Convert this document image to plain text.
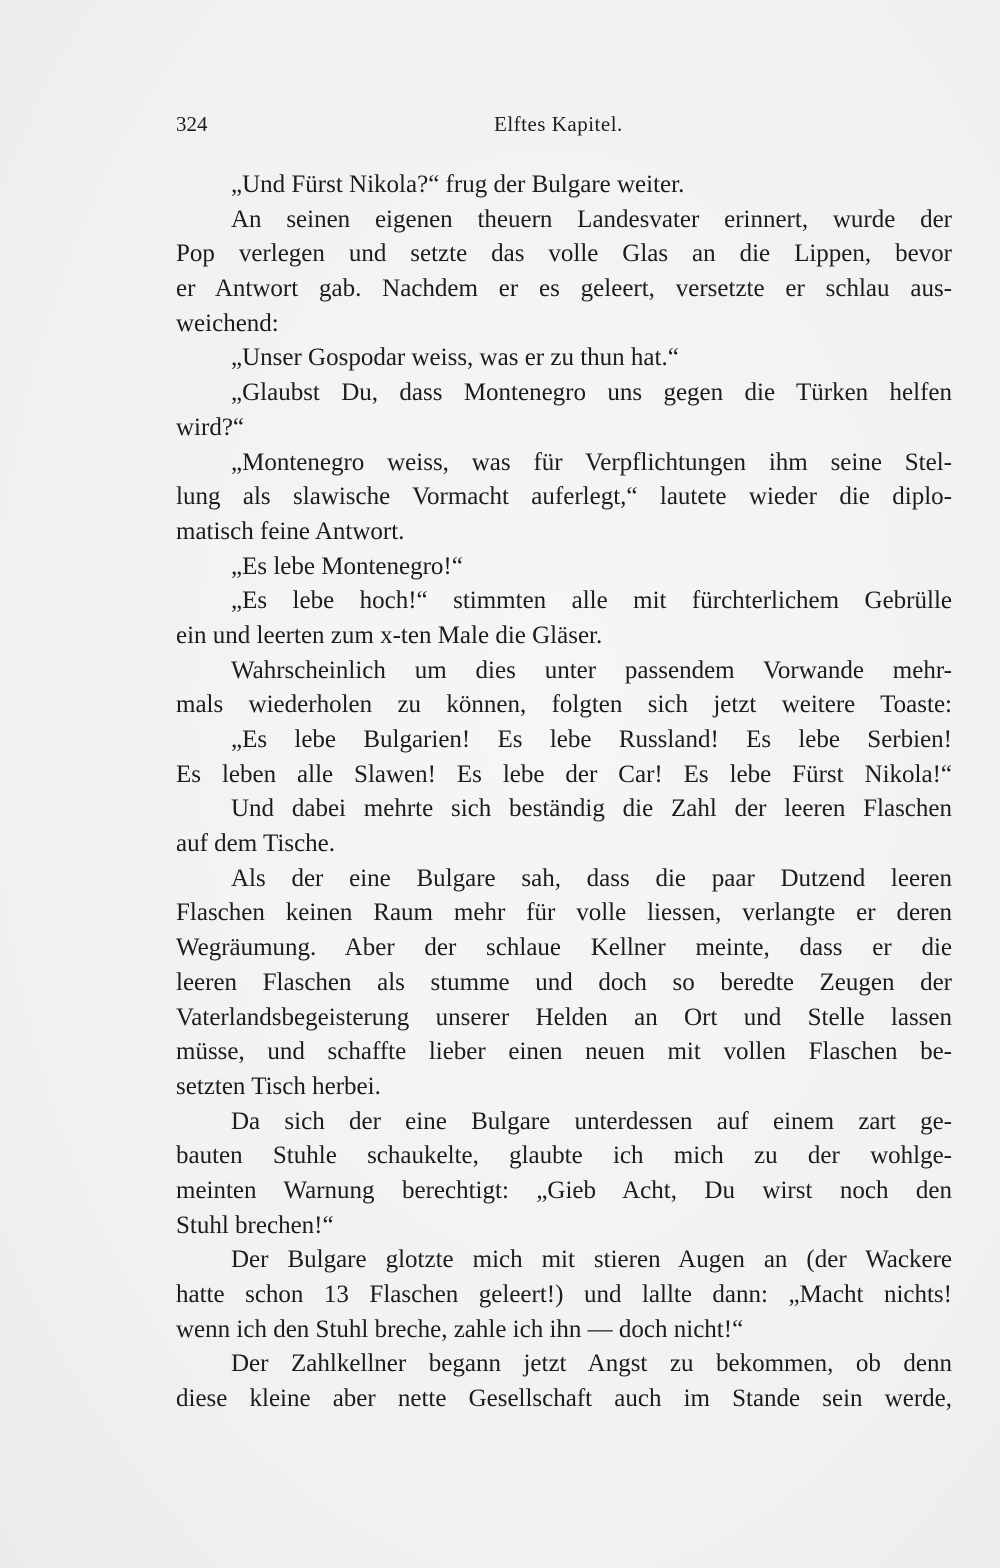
324	Elftes Kapitel.
„Und Fürst Nikola?“ frug der Bulgare weiter.
An seinen eigenen theuern Landesvater erinnert, wurde der
Pop verlegen und setzte das volle Glas an die Lippen, bevor
er Antwort gab. Nachdem er es geleert, versetzte er schlau aus-
weichend:
„Unser Gospodar weiss, was er zu thun hat.“
„Glaubst Du, dass Montenegro uns gegen die Türken helfen
wird?“
„Montenegro weiss, was für Verpflichtungen ihm seine Stel-
lung als slawische Vormacht auferlegt,“ lautete wieder die diplo-
matisch feine Antwort.
„Es lebe Montenegro!“
„Es lebe hoch!“ stimmten alle mit fürchterlichem Gebrülle
ein und leerten zum x-ten Male die Gläser.
Wahrscheinlich um dies unter passendem Vorwande mehr-
mals wiederholen zu können, folgten sich jetzt weitere Toaste:
„Es lebe Bulgarien! Es lebe Russland! Es lebe Serbien!
Es leben alle Slawen! Es lebe der Car! Es lebe Fürst Nikola!“
Und dabei mehrte sich beständig die Zahl der leeren Flaschen
auf dem Tische.
Als der eine Bulgare sah, dass die paar Dutzend leeren
Flaschen keinen Raum mehr für volle liessen, verlangte er deren
Wegräumung. Aber der schlaue Kellner meinte, dass er die
leeren Flaschen als stumme und doch so beredte Zeugen der
Vaterlandsbegeisterung unserer Helden an Ort und Stelle lassen
müsse, und schaffte lieber einen neuen mit vollen Flaschen be-
setzten Tisch herbei.
Da sich der eine Bulgare unterdessen auf einem zart ge-
bauten Stuhle schaukelte, glaubte ich mich zu der wohlge-
meinten Warnung berechtigt: „Gieb Acht, Du wirst noch den
Stuhl brechen!“
Der Bulgare glotzte mich mit stieren Augen an (der Wackere
hatte schon 13 Flaschen geleert!) und lallte dann: „Macht nichts!
wenn ich den Stuhl breche, zahle ich ihn — doch nicht!“
Der Zahlkellner begann jetzt Angst zu bekommen, ob denn
diese kleine aber nette Gesellschaft auch im Stande sein werde,
